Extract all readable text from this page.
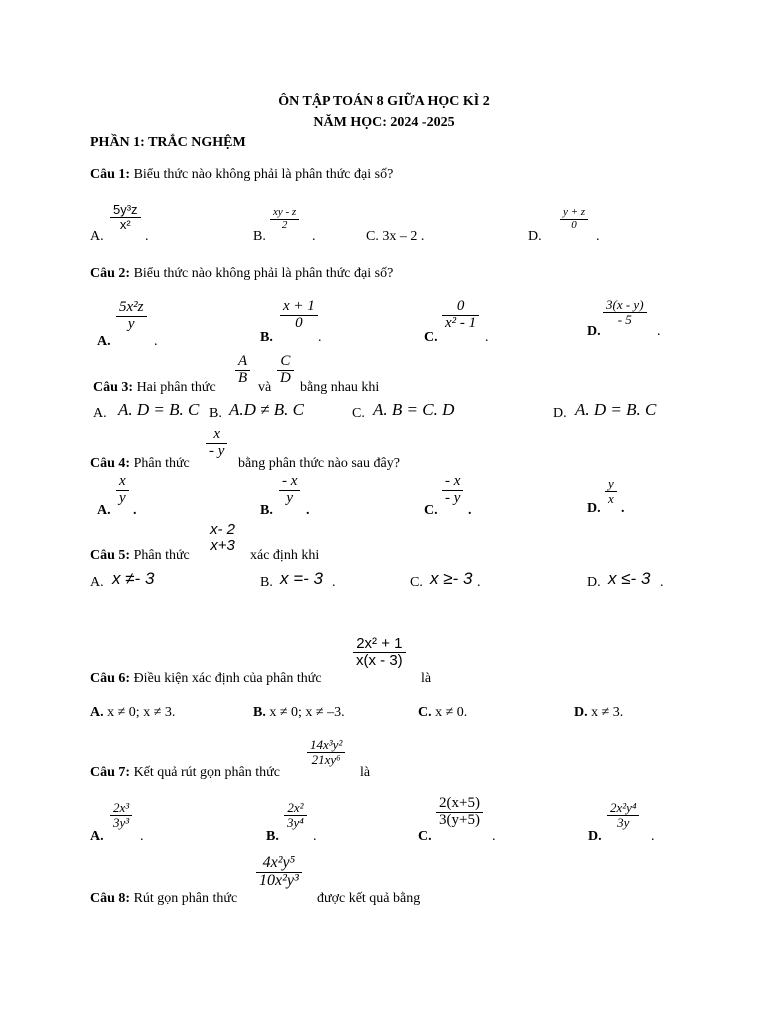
ÔN TẬP TOÁN 8 GIỮA HỌC KÌ 2
NĂM HỌC: 2024 -2025
PHẦN 1: TRẮC NGHỆM
Câu 1: Biểu thức nào không phải là phân thức đại số?
A.
$\frac{\text{5y³z}}{\text{x²}}$
.	B.
$\frac{xy - z}{2}$
.	C. 3x – 2 .	D.
$\frac{y + z}{0}$
.
Câu 2: Biểu thức nào không phải là phân thức đại số?
A.
$\frac{\text{5x²z}}{y}$
.	B.
$\frac{x + 1}{0}$
.	C.
$\frac{0}{\text{x² - 1}}$
.	D.
$\frac{3(x - y)}{- 5}$
.
Câu 3: Hai phân thức
$\frac{A}{B}$
và
$\frac{C}{D}$
bằng nhau khi
A. A. D = B. C B. A.D ≠ B. C	C. A. B = C. D	D. A. D = B. C
Câu 4: Phân thức
$\frac{x}{- y}$
bằng phân thức nào sau đây?
A.
$\frac{x}{y}$
.	B.
$\frac{- x}{y}$
.	C.
$\frac{- x}{- y}$
.	D.
$\frac{y}{x}$
.
Câu 5: Phân thức
x- 2
x+3
xác định khi
A. x ≠- 3	B. x =- 3 .	C. x ≥- 3 .	D. x ≤- 3 .
Câu 6: Điều kiện xác định của phân thức
$\frac{\text{2x² + 1}}{x(x - 3)}$
là
A. x ≠ 0; x ≠ 3.	B. x ≠ 0; x ≠ –3.	C. x ≠ 0.	D. x ≠ 3.
Câu 7: Kết quả rút gọn phân thức
$\frac{\text{14x³y²}}{\text{21xy⁶}}$
là
A.
$\frac{\text{2x³}}{\text{3y³}}$
.	B.
$\frac{\text{2x²}}{\text{3y⁴}}$
.	C.
$\frac{2(x+5)}{3(y+5)}$
.	D.
$\frac{\text{2x²y⁴}}{3y}$
.
Câu 8: Rút gọn phân thức
$\frac{\text{4x²y⁵}}{\text{10x²y³}}$
được kết quả bằng
